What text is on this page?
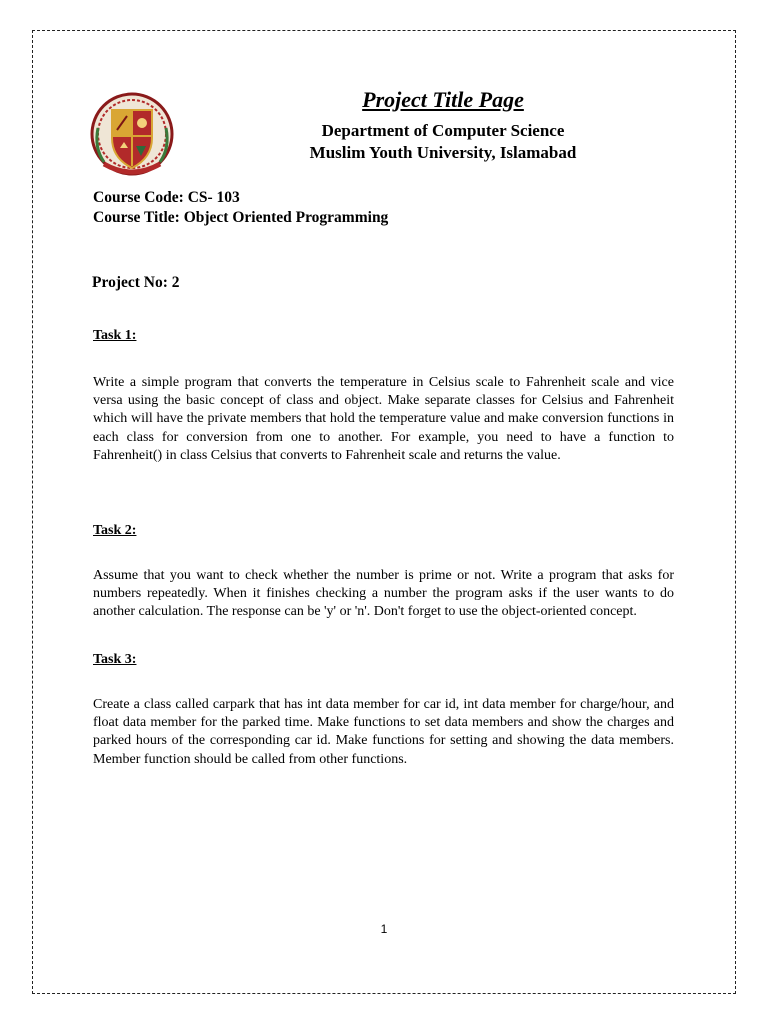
Project Title Page
Department of Computer Science
Muslim Youth University, Islamabad
Course Code: CS- 103
Course Title: Object Oriented Programming
Project No: 2
Task 1:

Write a simple program that converts the temperature in Celsius scale to Fahrenheit scale and vice versa using the basic concept of class and object. Make separate classes for Celsius and Fahrenheit which will have the private members that hold the temperature value and make conversion functions in each class for conversion from one to another. For example, you need to have a function to Fahrenheit() in class Celsius that converts to Fahrenheit scale and returns the value.

Task 2:

Assume that you want to check whether the number is prime or not. Write a program that asks for numbers repeatedly. When it finishes checking a number the program asks if the user wants to do another calculation. The response can be 'y' or 'n'. Don't forget to use the object-oriented concept.

Task 3:

Create a class called carpark that has int data member for car id, int data member for charge/hour, and float data member for the parked time. Make functions to set data members and show the charges and parked hours of the corresponding car id. Make functions for setting and showing the data members. Member function should be called from other functions.

1
